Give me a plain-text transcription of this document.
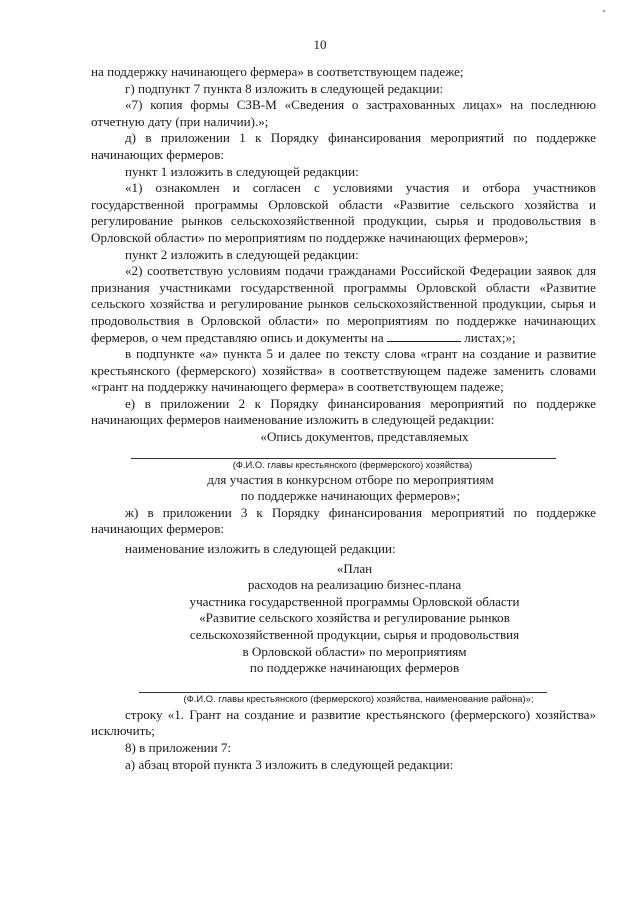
10

на поддержку начинающего фермера» в соответствующем падеже;

г) подпункт 7 пункта 8 изложить в следующей редакции:

«7) копия формы СЗВ-М «Сведения о застрахованных лицах» на последнюю отчетную дату (при наличии).»;

д) в приложении 1 к Порядку финансирования мероприятий по поддержке начинающих фермеров:

пункт 1 изложить в следующей редакции:

«1) ознакомлен и согласен с условиями участия и отбора участников государственной программы Орловской области «Развитие сельского хозяйства и регулирование рынков сельскохозяйственной продукции, сырья и продовольствия в Орловской области» по мероприятиям по поддержке начинающих фермеров»;

пункт 2 изложить в следующей редакции:

«2) соответствую условиям подачи гражданами Российской Федерации заявок для признания участниками государственной программы Орловской области «Развитие сельского хозяйства и регулирование рынков сельскохозяйственной продукции, сырья и продовольствия в Орловской области» по мероприятиям по поддержке начинающих фермеров, о чем представляю опись и документы на	листах;»;

в подпункте «а» пункта 5 и далее по тексту слова «грант на создание и развитие крестьянского (фермерского) хозяйства» в соответствующем падеже заменить словами «грант на поддержку начинающего фермера» в соответствующем падеже;

е) в приложении 2 к Порядку финансирования мероприятий по поддержке начинающих фермеров наименование изложить в следующей редакции:

«Опись документов, представляемых

(Ф.И.О. главы крестьянского (фермерского) хозяйства)

для участия в конкурсном отборе по мероприятиям

по поддержке начинающих фермеров»;

ж) в приложении 3 к Порядку финансирования мероприятий по поддержке начинающих фермеров:

наименование изложить в следующей редакции:

«План

расходов на реализацию бизнес-плана

участника государственной программы Орловской области

«Развитие сельского хозяйства и регулирование рынков

сельскохозяйственной продукции, сырья и продовольствия

в Орловской области» по мероприятиям

по поддержке начинающих фермеров

(Ф.И.О. главы крестьянского (фермерского) хозяйства, наименование района)»;

строку «1. Грант на создание и развитие крестьянского (фермерского) хозяйства» исключить;

8) в приложении 7:

а) абзац второй пункта 3 изложить в следующей редакции:
